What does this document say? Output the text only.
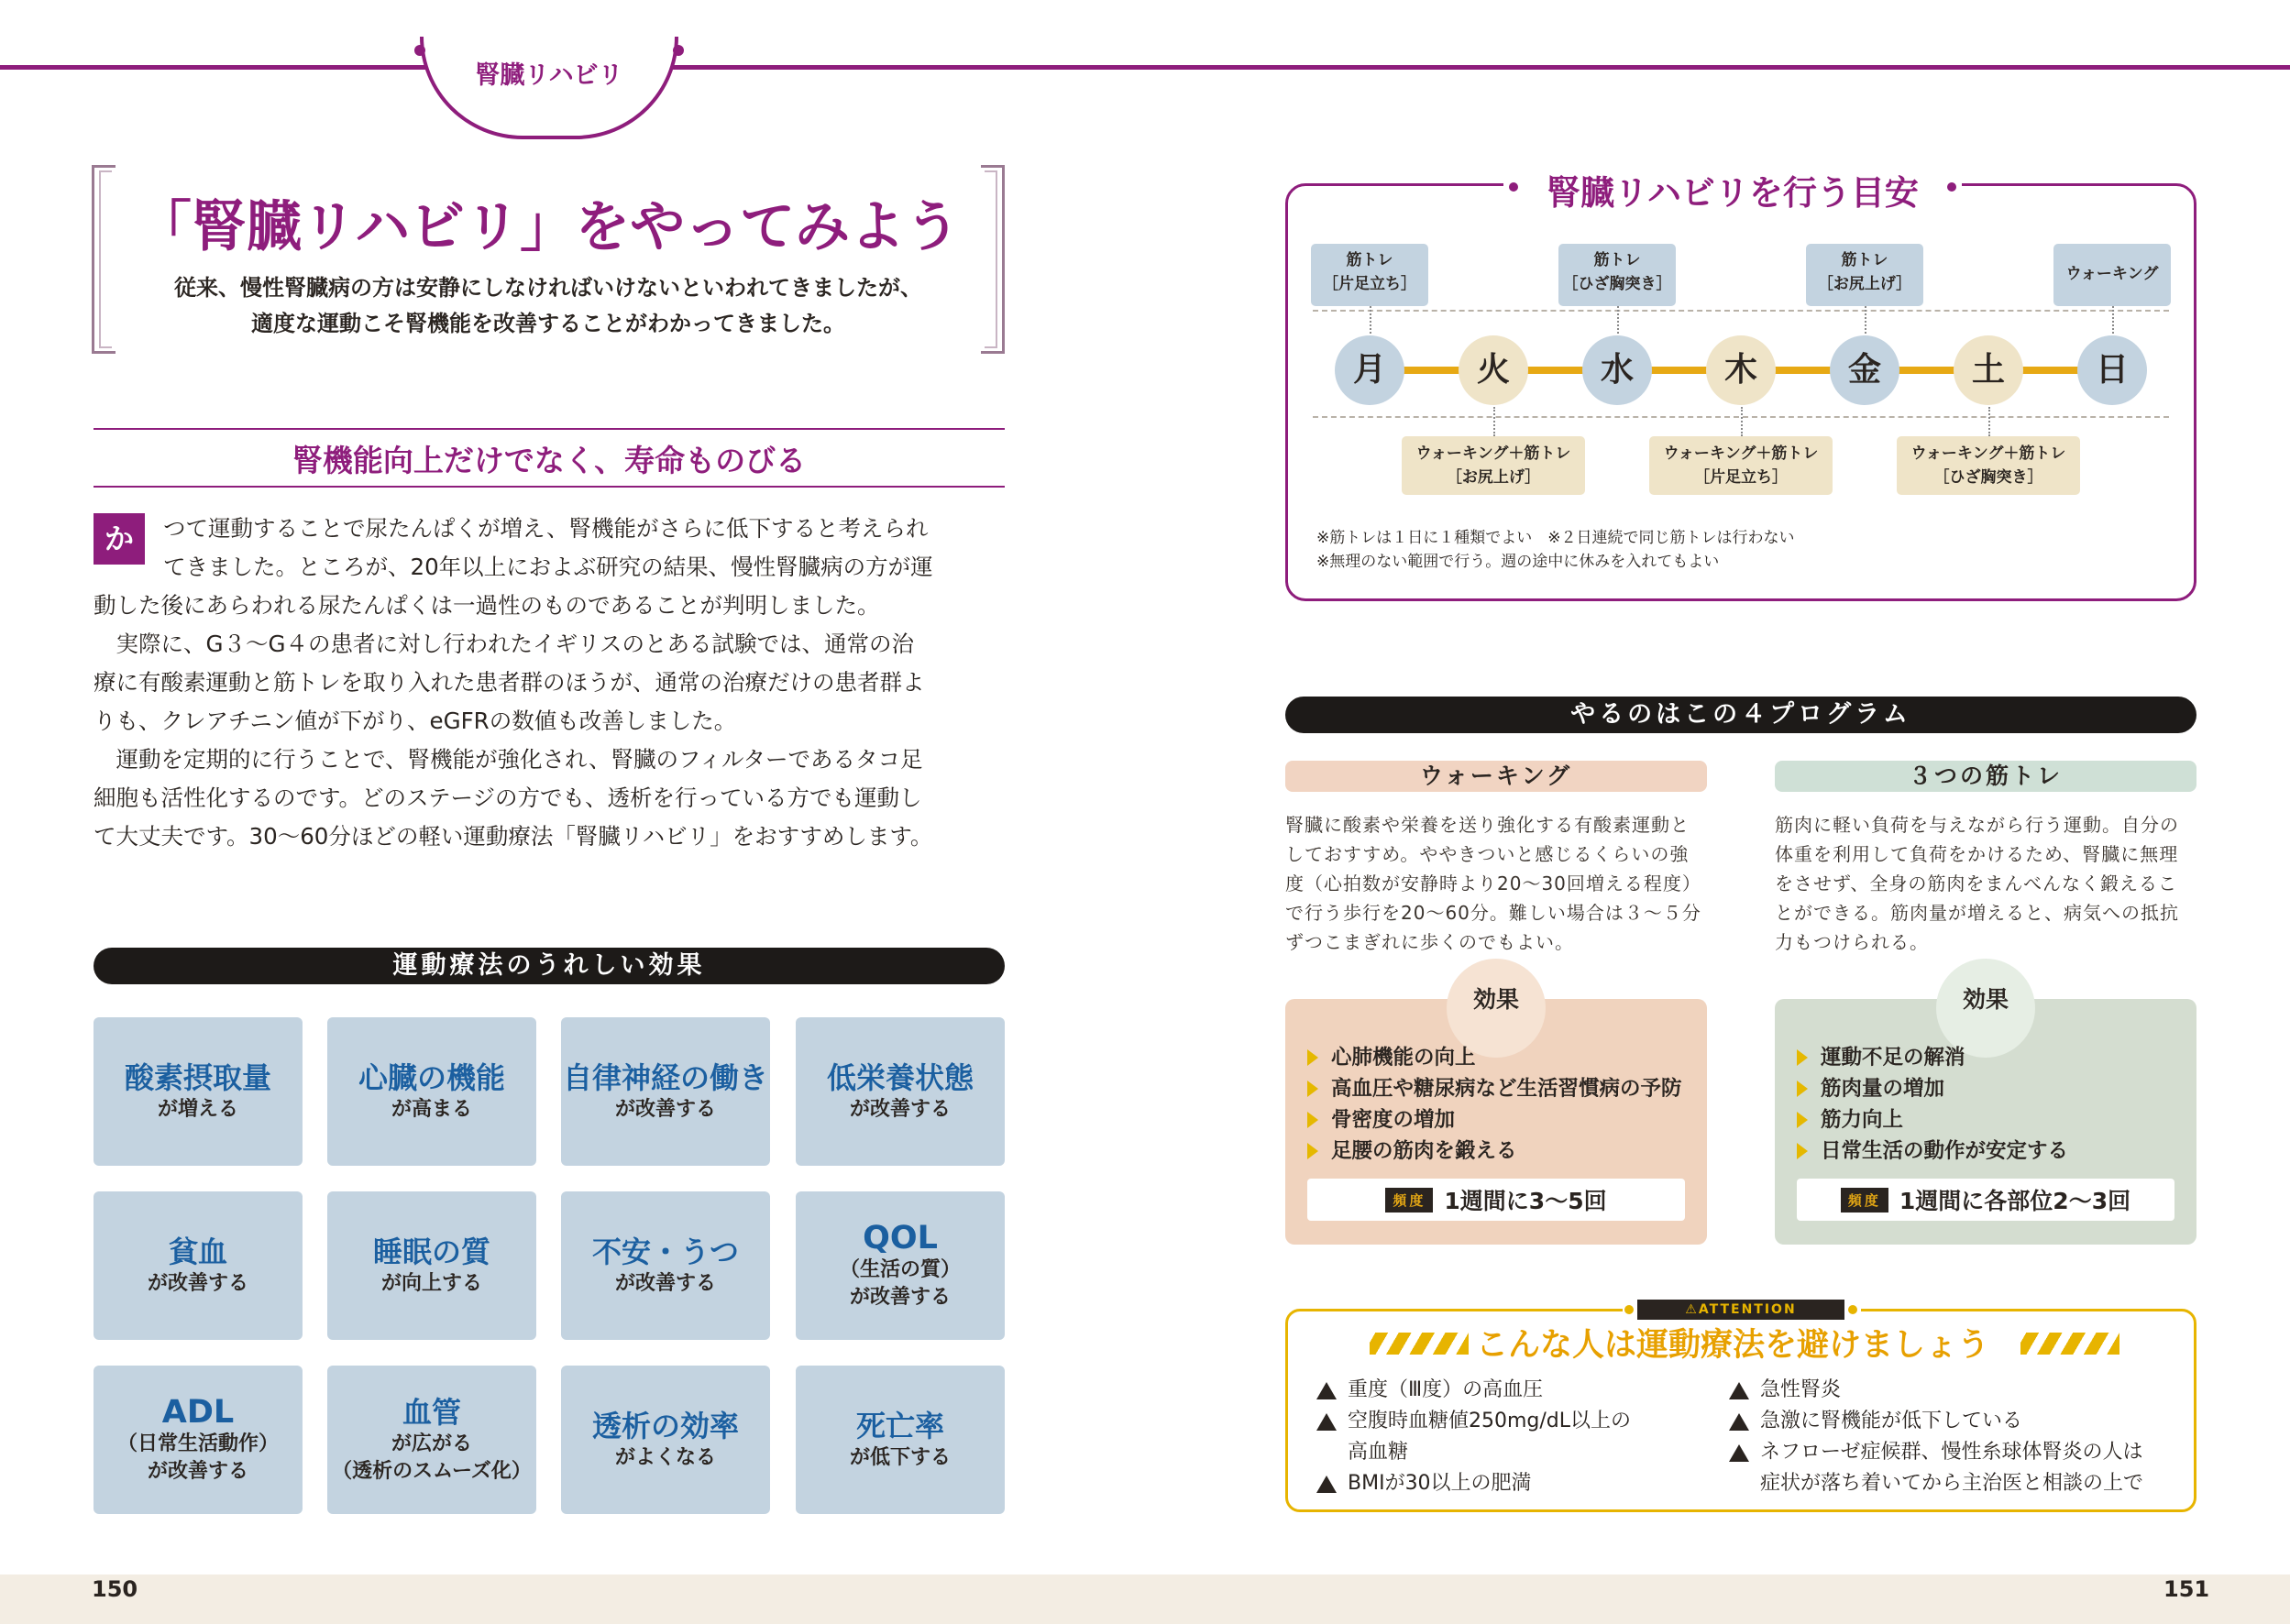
腎臓リハビリ
「腎臓リハビリ」をやってみよう
従来、慢性腎臓病の方は安静にしなければいけないといわれてきましたが、
適度な運動こそ腎機能を改善することがわかってきました。
腎機能向上だけでなく、寿命ものびる
か	つて運動することで尿たんぱくが増え、腎機能がさらに低下すると考えられ
てきました。ところが、20年以上におよぶ研究の結果、慢性腎臓病の方が運
動した後にあらわれる尿たんぱくは一過性のものであることが判明しました。
　実際に、G３～G４の患者に対し行われたイギリスのとある試験では、通常の治
療に有酸素運動と筋トレを取り入れた患者群のほうが、通常の治療だけの患者群よ
りも、クレアチニン値が下がり、eGFRの数値も改善しました。
　運動を定期的に行うことで、腎機能が強化され、腎臓のフィルターであるタコ足
細胞も活性化するのです。どのステージの方でも、透析を行っている方でも運動し
て大丈夫です。30～60分ほどの軽い運動療法「腎臓リハビリ」をおすすめします。
運動療法のうれしい効果
酸素摂取量
が増える
心臓の機能
が高まる
自律神経の働き
が改善する
低栄養状態
が改善する
貧血
が改善する
睡眠の質
が向上する
不安・うつ
が改善する
QOL
（生活の質）
が改善する
ADL
（日常生活動作）
が改善する
血管
が広がる
（透析のスムーズ化）
透析の効率
がよくなる
死亡率
が低下する
150
腎臓リハビリを行う目安
月	火	水	木	金	土	日
筋トレ
［片足立ち］
筋トレ
［ひざ胸突き］
筋トレ
［お尻上げ］
ウォーキング
ウォーキング＋筋トレ
［お尻上げ］
ウォーキング＋筋トレ
［片足立ち］
ウォーキング＋筋トレ
［ひざ胸突き］
※筋トレは１日に１種類でよい　※２日連続で同じ筋トレは行わない
※無理のない範囲で行う。週の途中に休みを入れてもよい
やるのはこの４プログラム
ウォーキング
腎臓に酸素や栄養を送り強化する有酸素運動と
しておすすめ。ややきついと感じるくらいの強
度（心拍数が安静時より20～30回増える程度）
で行う歩行を20～60分。難しい場合は３～５分
ずつこまぎれに歩くのでもよい。
効果
心肺機能の向上
高血圧や糖尿病など生活習慣病の予防
骨密度の増加
足腰の筋肉を鍛える
頻度 1週間に3～5回
３つの筋トレ
筋肉に軽い負荷を与えながら行う運動。自分の
体重を利用して負荷をかけるため、腎臓に無理
をさせず、全身の筋肉をまんべんなく鍛えるこ
とができる。筋肉量が増えると、病気への抵抗
力もつけられる。
効果
運動不足の解消
筋肉量の増加
筋力向上
日常生活の動作が安定する
頻度 1週間に各部位2～3回
⚠ATTENTION
こんな人は運動療法を避けましょう
重度（Ⅲ度）の高血圧
空腹時血糖値250mg/dL以上の
高血糖
BMIが30以上の肥満
急性腎炎
急激に腎機能が低下している
ネフローゼ症候群、慢性糸球体腎炎の人は
症状が落ち着いてから主治医と相談の上で
151
